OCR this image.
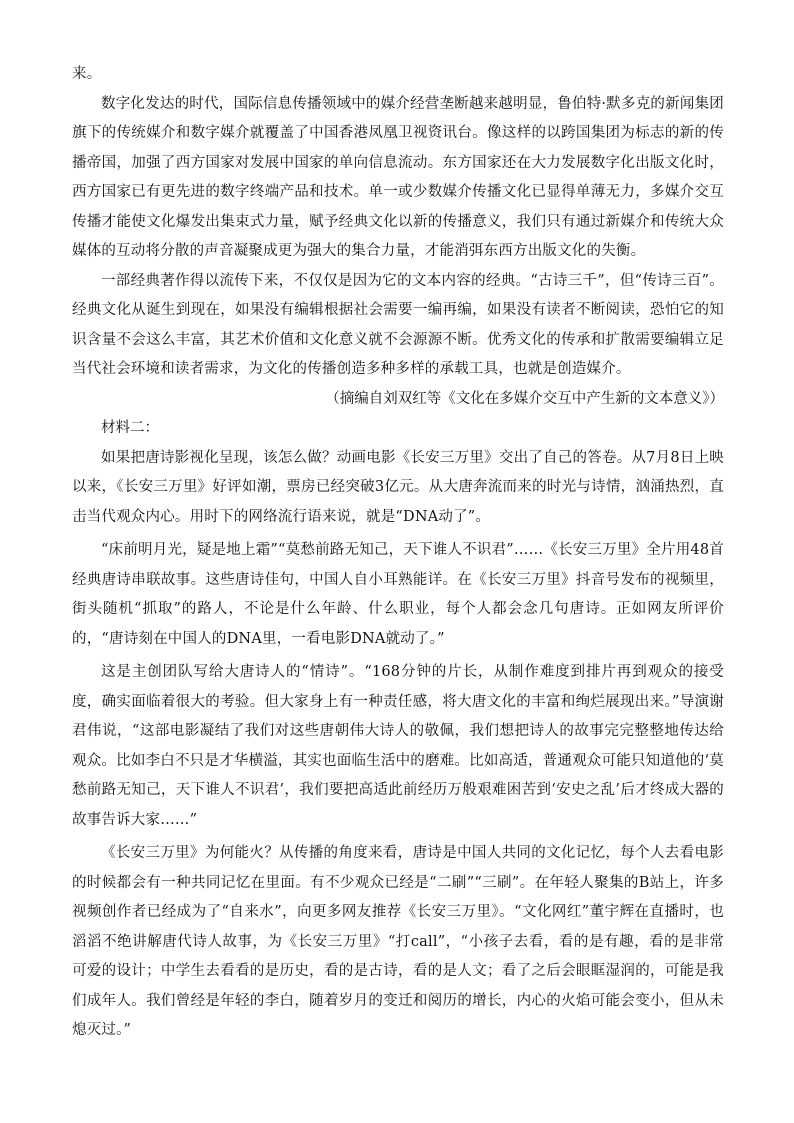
来。

数字化发达的时代，国际信息传播领域中的媒介经营垄断越来越明显，鲁伯特·默多克的新闻集团旗下的传统媒介和数字媒介就覆盖了中国香港凤凰卫视资讯台。像这样的以跨国集团为标志的新的传播帝国，加强了西方国家对发展中国家的单向信息流动。东方国家还在大力发展数字化出版文化时，西方国家已有更先进的数字终端产品和技术。单一或少数媒介传播文化已显得单薄无力，多媒介交互传播才能使文化爆发出集束式力量，赋予经典文化以新的传播意义，我们只有通过新媒介和传统大众媒体的互动将分散的声音凝聚成更为强大的集合力量，才能消弭东西方出版文化的失衡。

一部经典著作得以流传下来，不仅仅是因为它的文本内容的经典。“古诗三千”，但“传诗三百”。经典文化从诞生到现在，如果没有编辑根据社会需要一编再编，如果没有读者不断阅读，恐怕它的知识含量不会这么丰富，其艺术价值和文化意义就不会源源不断。优秀文化的传承和扩散需要编辑立足当代社会环境和读者需求，为文化的传播创造多种多样的承载工具，也就是创造媒介。

（摘编自刘双红等《文化在多媒介交互中产生新的文本意义》）

材料二：

如果把唐诗影视化呈现，该怎么做？动画电影《长安三万里》交出了自己的答卷。从7月8日上映以来，《长安三万里》好评如潮，票房已经突破3亿元。从大唐奔流而来的时光与诗情，汹涌热烈，直击当代观众内心。用时下的网络流行语来说，就是“DNA动了”。

“床前明月光，疑是地上霜”“莫愁前路无知己，天下谁人不识君”……《长安三万里》全片用48首经典唐诗串联故事。这些唐诗佳句，中国人自小耳熟能详。在《长安三万里》抖音号发布的视频里，街头随机“抓取”的路人，不论是什么年龄、什么职业，每个人都会念几句唐诗。正如网友所评价的，“唐诗刻在中国人的DNA里，一看电影DNA就动了。”

这是主创团队写给大唐诗人的“情诗”。“168分钟的片长，从制作难度到排片再到观众的接受度，确实面临着很大的考验。但大家身上有一种责任感，将大唐文化的丰富和绚烂展现出来。”导演谢君伟说，“这部电影凝结了我们对这些唐朝伟大诗人的敬佩，我们想把诗人的故事完完整整地传达给观众。比如李白不只是才华横溢，其实也面临生活中的磨难。比如高适，普通观众可能只知道他的‘莫愁前路无知己，天下谁人不识君’，我们要把高适此前经历万般艰难困苦到‘安史之乱’后才终成大器的故事告诉大家……”

《长安三万里》为何能火？从传播的角度来看，唐诗是中国人共同的文化记忆，每个人去看电影的时候都会有一种共同记忆在里面。有不少观众已经是“二刷”“三刷”。在年轻人聚集的B站上，许多视频创作者已经成为了“自来水”，向更多网友推荐《长安三万里》。“文化网红”董宇辉在直播时，也滔滔不绝讲解唐代诗人故事，为《长安三万里》“打call”，“小孩子去看，看的是有趣，看的是非常可爱的设计；中学生去看看的是历史，看的是古诗，看的是人文；看了之后会眼眶湿润的，可能是我们成年人。我们曾经是年轻的李白，随着岁月的变迁和阅历的增长，内心的火焰可能会变小，但从未熄灭过。”
